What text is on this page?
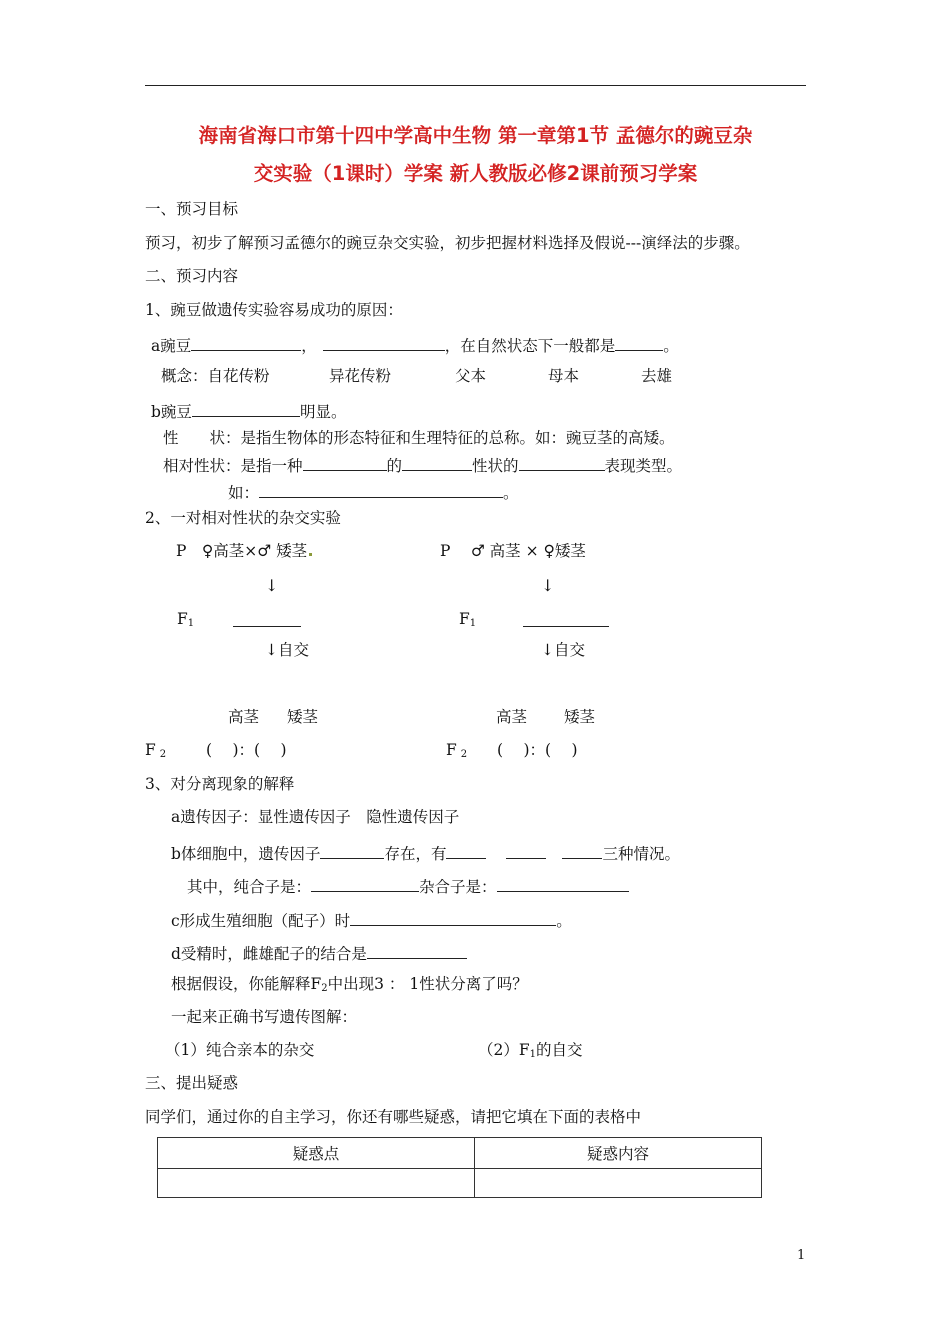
海南省海口市第十四中学高中生物 第一章第1节 孟德尔的豌豆杂
交实验（1课时）学案 新人教版必修2课前预习学案
一、预习目标
预习，初步了解预习孟德尔的豌豆杂交实验，初步把握材料选择及假说---演绎法的步骤。
二、预习内容
1、豌豆做遗传实验容易成功的原因：
a豌豆	，	，在自然状态下一般都是	。
概念：自花传粉	异花传粉	父本	母本	去雄
b豌豆	明显。
性　　状：是指生物体的形态特征和生理特征的总称。如：豌豆茎的高矮。
相对性状：是指一种	的	性状的	表现类型。
如：	。
2、一对相对性状的杂交实验
P　♀高茎×♂ 矮茎	P　 ♂ 高茎 × ♀矮茎
↓	↓
$F_1$	$F_1$
↓自交	↓自交
高茎 矮茎	高茎 矮茎
F $_2$	(　 )：(　 )	F $_2$ (　 )：(　 )
3、对分离现象的解释
a遗传因子：显性遗传因子　隐性遗传因子
b体细胞中，遗传因子	存在，有	三种情况。
其中，纯合子是：	杂合子是：
c形成生殖细胞（配子）时	。
d受精时，雌雄配子的结合是
根据假设，你能解释$F_2$中出现3 ： 1性状分离了吗？
一起来正确书写遗传图解：
（1）纯合亲本的杂交	$(2)F_1$的自交
三、提出疑惑
同学们，通过你的自主学习，你还有哪些疑惑，请把它填在下面的表格中
疑惑点	疑惑内容

1
